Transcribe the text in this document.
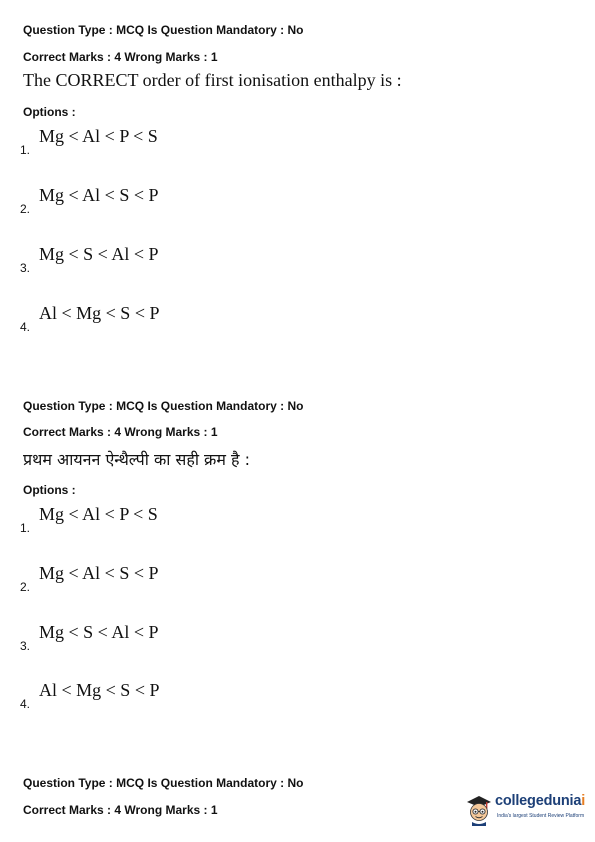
Question Type : MCQ Is Question Mandatory : No
Correct Marks : 4 Wrong Marks : 1
The CORRECT order of first ionisation enthalpy is :
Options :
1.
Mg < Al < P < S
2.
Mg < Al < S < P
3.
Mg < S < Al < P
4.
Al < Mg < S < P
Question Type : MCQ Is Question Mandatory : No
Correct Marks : 4 Wrong Marks : 1
प्रथम आयनन ऐन्थैल्पी का सही क्रम है :
Options :
1.
Mg < Al < P < S
2.
Mg < Al < S < P
3.
Mg < S < Al < P
4.
Al < Mg < S < P
Question Type : MCQ Is Question Mandatory : No
Correct Marks : 4 Wrong Marks : 1
collegeduniai
India's largest Student Review Platform
